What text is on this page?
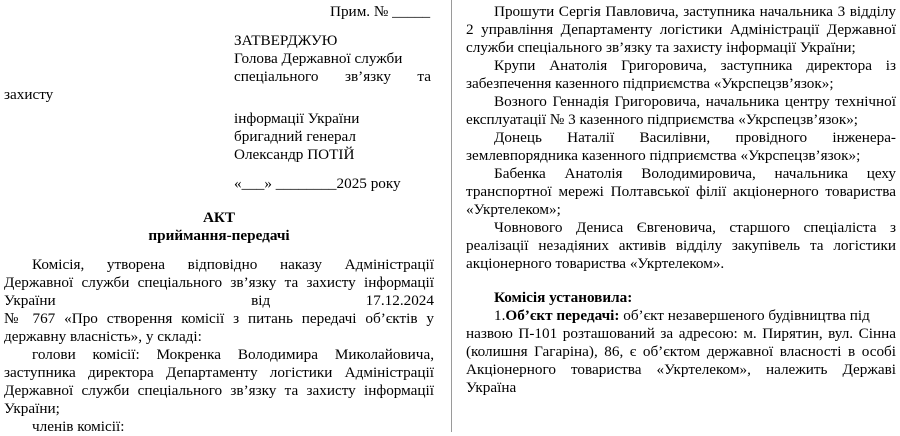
Прим. № _____
ЗАТВЕРДЖУЮ
Голова Державної служби
спеціального зв’язку та
захисту
інформації України
бригадний генерал
Олександр ПОТІЙ
«___» ________2025 року
АКТ
приймання-передачі
Комісія, утворена відповідно наказу Адміністрації
Державної служби спеціального зв’язку та захисту інформації
України	від	17.12.2024
№ 767 «Про створення комісії з питань передачі об’єктів у
державну власність», у складі:
голови комісії: Мокренка Володимира Миколайовича,
заступника директора Департаменту логістики Адміністрації
Державної служби спеціального зв’язку та захисту інформації
України;
членів комісії:
Прошути Сергія Павловича, заступника начальника 3 відділу
2 управління Департаменту логістики Адміністрації Державної
служби спеціального зв’язку та захисту інформації України;
Крупи Анатолія Григоровича, заступника директора із
забезпечення казенного підприємства «Укрспецзв’язок»;
Возного Геннадія Григоровича, начальника центру технічної
експлуатації № 3 казенного підприємства «Укрспецзв’язок»;
Донець Наталії Василівни, провідного інженера-
землевпорядника казенного підприємства «Укрспецзв’язок»;
Бабенка Анатолія Володимировича, начальника цеху
транспортної мережі Полтавської філії акціонерного товариства
«Укртелеком»;
Човнового Дениса Євгеновича, старшого спеціаліста з
реалізації незадіяних активів відділу закупівель та логістики
акціонерного товариства «Укртелеком».
Комісія установила:
1.Об’єкт передачі: об’єкт незавершеного будівництва під
назвою П-101 розташований за адресою: м. Пирятин, вул. Сінна
(колишня Гагаріна), 86, є об’єктом державної власності в особі
Акціонерного товариства «Укртелеком», належить Державі
Україна
